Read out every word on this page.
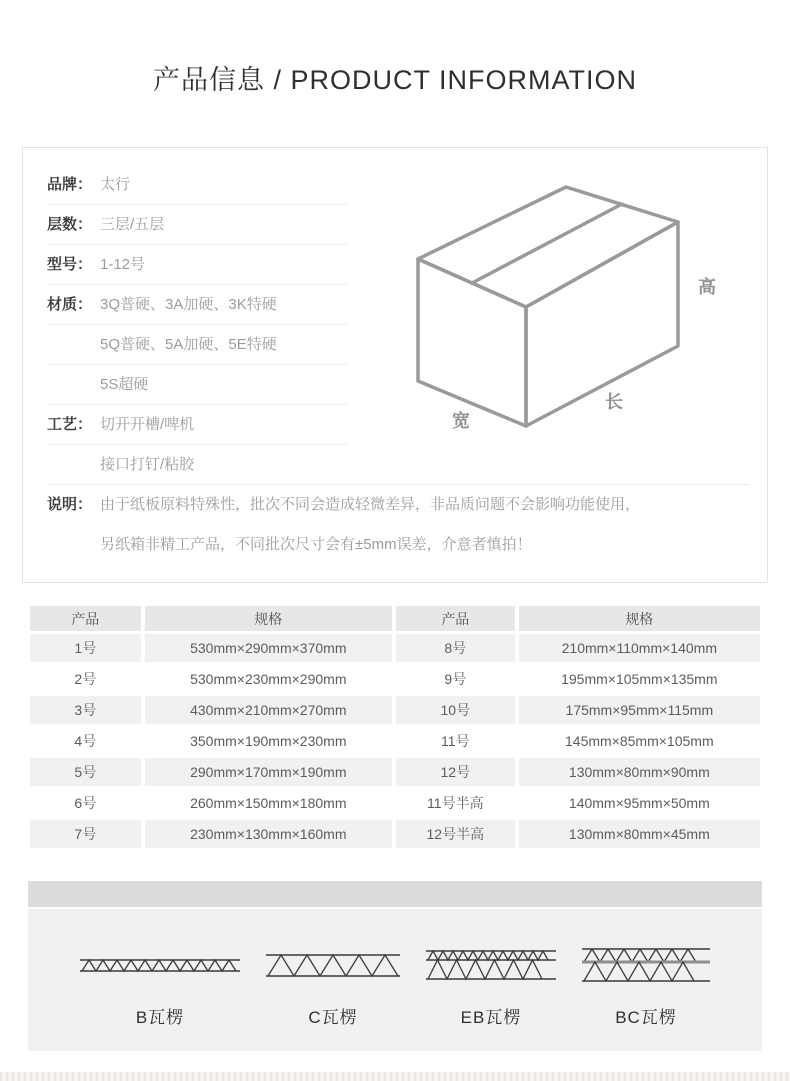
产品信息 / PRODUCT INFORMATION
品牌： 太行
层数： 三层/五层
型号： 1-12号
材质： 3Q普硬、3A加硬、3K特硬
5Q普硬、5A加硬、5E特硬
5S超硬
工艺： 切开开槽/啤机
接口打钉/粘胶
说明： 由于纸板原料特殊性，批次不同会造成轻微差异，非品质问题不会影响功能使用，
另纸箱非精工产品，不同批次尺寸会有±5mm误差，介意者慎拍！
高
长
宽
产品	规格	产品	规格
1号	530mm×290mm×370mm	8号	210mm×110mm×140mm
2号	530mm×230mm×290mm	9号	195mm×105mm×135mm
3号	430mm×210mm×270mm	10号	175mm×95mm×115mm
4号	350mm×190mm×230mm	11号	145mm×85mm×105mm
5号	290mm×170mm×190mm	12号	130mm×80mm×90mm
6号	260mm×150mm×180mm	11号半高	140mm×95mm×50mm
7号	230mm×130mm×160mm	12号半高	130mm×80mm×45mm
B瓦楞	C瓦楞	EB瓦楞	BC瓦楞
